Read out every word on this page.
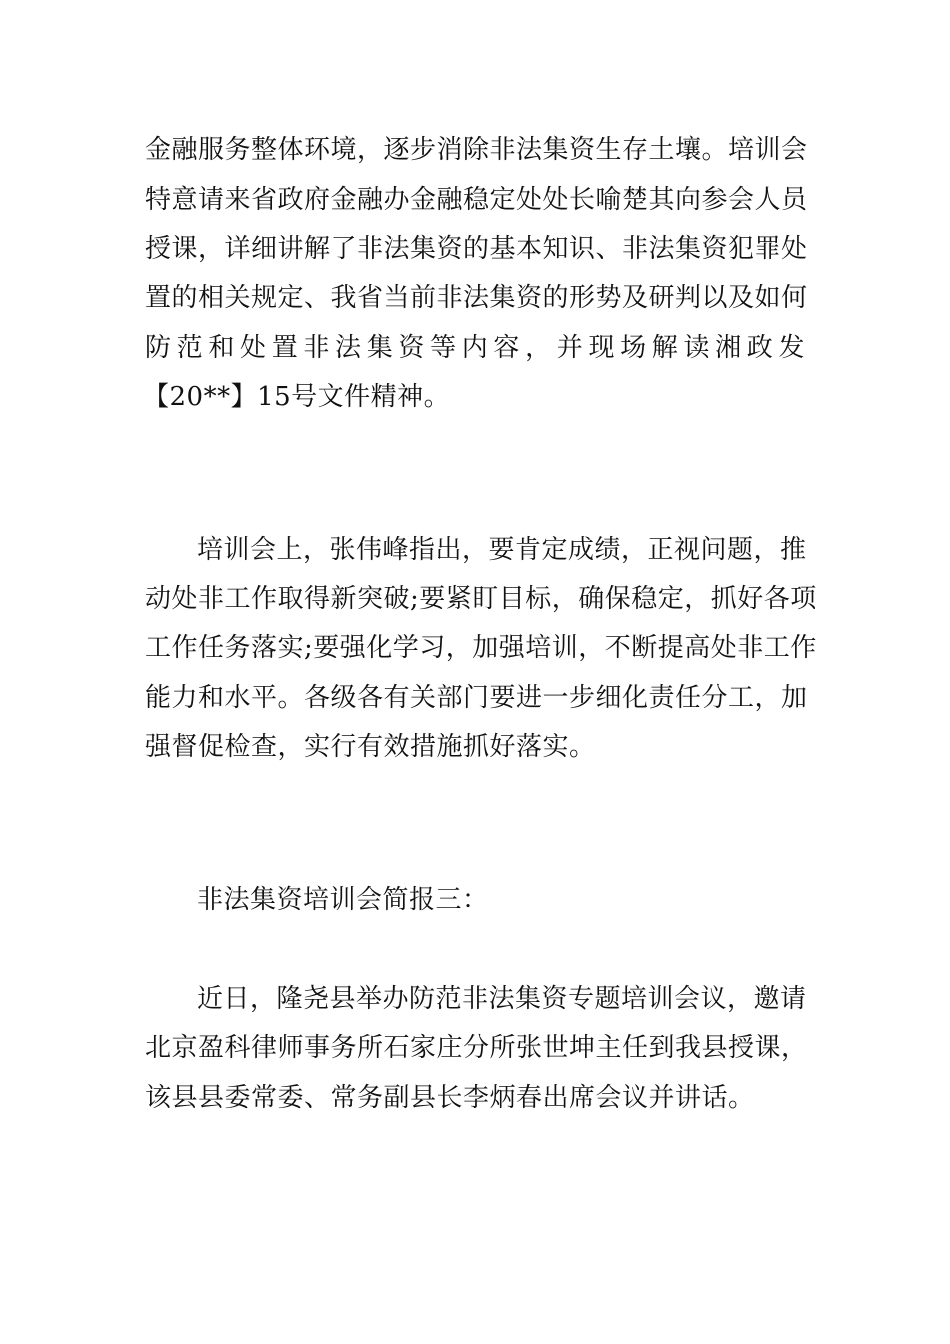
金融服务整体环境，逐步消除非法集资生存土壤。培训会
特意请来省政府金融办金融稳定处处长喻楚其向参会人员
授课，详细讲解了非法集资的基本知识、非法集资犯罪处
置的相关规定、我省当前非法集资的形势及研判以及如何
防范和处置非法集资等内容，并现场解读湘政发
【20**】15号文件精神。
培训会上，张伟峰指出，要肯定成绩，正视问题，推
动处非工作取得新突破;要紧盯目标，确保稳定，抓好各项
工作任务落实;要强化学习，加强培训，不断提高处非工作
能力和水平。各级各有关部门要进一步细化责任分工，加
强督促检查，实行有效措施抓好落实。
非法集资培训会简报三：
近日，隆尧县举办防范非法集资专题培训会议，邀请
北京盈科律师事务所石家庄分所张世坤主任到我县授课，
该县县委常委、常务副县长李炳春出席会议并讲话。
